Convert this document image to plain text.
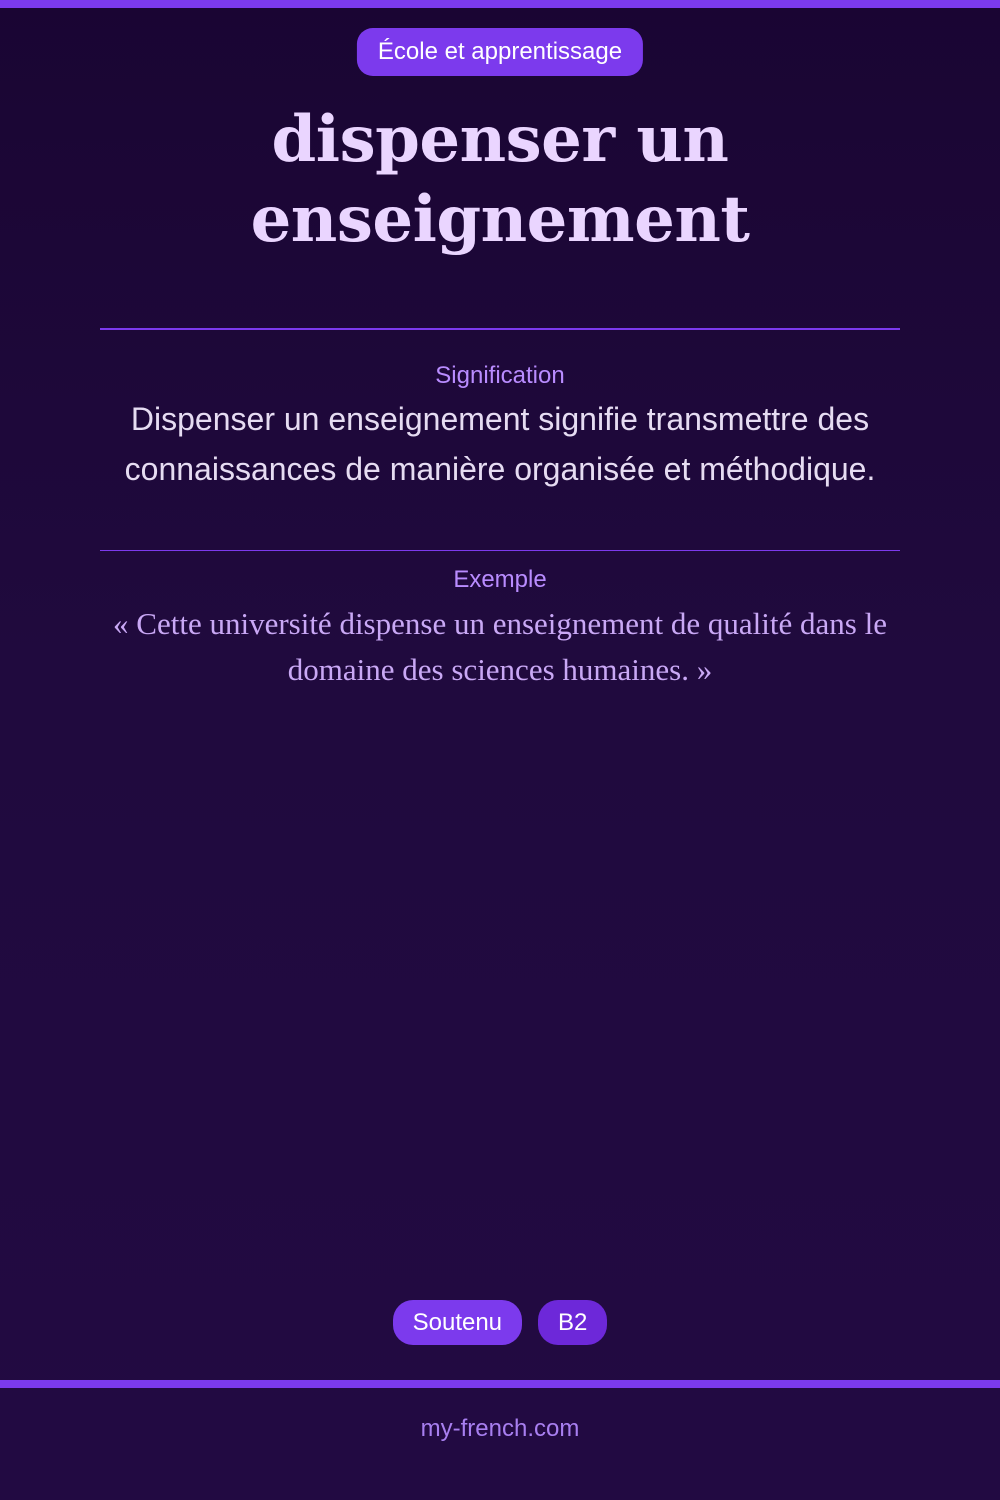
École et apprentissage
dispenser un enseignement
Signification

Dispenser un enseignement signifie transmettre des connaissances de manière organisée et méthodique.

Exemple

« Cette université dispense un enseignement de qualité dans le domaine des sciences humaines. »

Soutenu	B2
my-french.com
